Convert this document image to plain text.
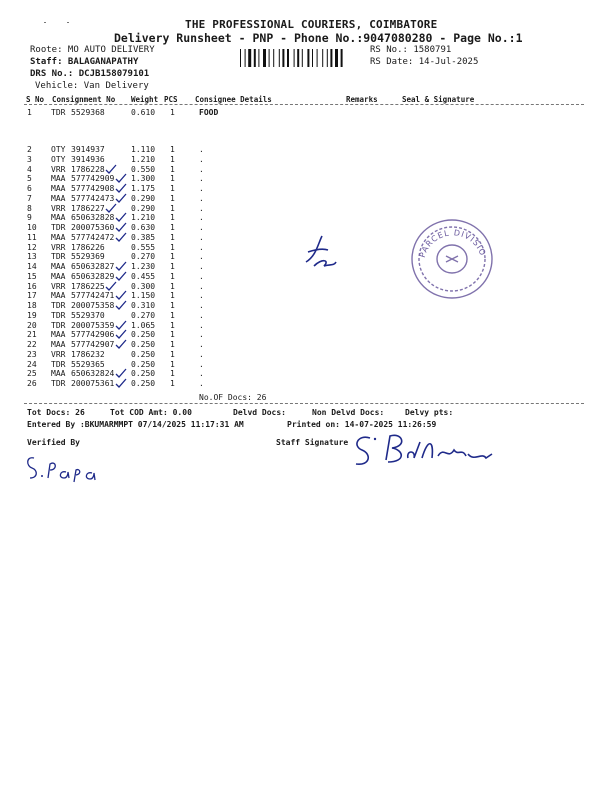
THE PROFESSIONAL COURIERS, COIMBATORE
Delivery Runsheet - PNP - Phone No.:9047080280 - Page No.:1
Roote: MO AUTO DELIVERY
Staff: BALAGANAPATHY
DRS No.: DCJB158079101
Vehicle: Van Delivery
RS No.: 1580791
RS Date: 14-Jul-2025
S No Consignment No Weight PCS Consignee Details	Remarks	Seal & Signature
1 TDR 5529368	0.610 1	FOOD
2 OTY 3914937	1.110 1	.
3 OTY 3914936	1.210 1	.
4 VRR 1786228	0.550 1	.
5 MAA 577742909 1.300 1	.
6 MAA 577742908 1.175 1	.
7 MAA 577742473 0.290 1	.
8 VRR 1786227	0.290 1	.
9 MAA 650632828 1.210 1	.
10 TDR 200075360 0.630 1	.
11 MAA 577742472 0.385 1	.
12 VRR 1786226	0.555 1	.
13 TDR 5529369	0.270 1	.
14 MAA 650632827 1.230 1	.
15 MAA 650632829 0.455 1	.
16 VRR 1786225	0.300 1	.
17 MAA 577742471 1.150 1	.
18 TDR 200075358 0.310 1	.
19 TDR 5529370	0.270 1	.
20 TDR 200075359 1.065 1	.
21 MAA 577742906 0.250 1	.
22 MAA 577742907 0.250 1	.
23 VRR 1786232	0.250 1	.
24 TDR 5529365	0.250 1	.
25 MAA 650632824 0.250 1	.
26 TDR 200075361 0.250 1	.
No.OF Docs: 26
Tot Docs: 26	Tot COD Amt: 0.00	Delvd Docs:	Non Delvd Docs:	Delvy pts:
Entered By :BKUMARMMPT 07/14/2025 11:17:31 AM	Printed on: 14-07-2025 11:26:59
Verified By	Staff Signature
PARCEL DIVISIO
